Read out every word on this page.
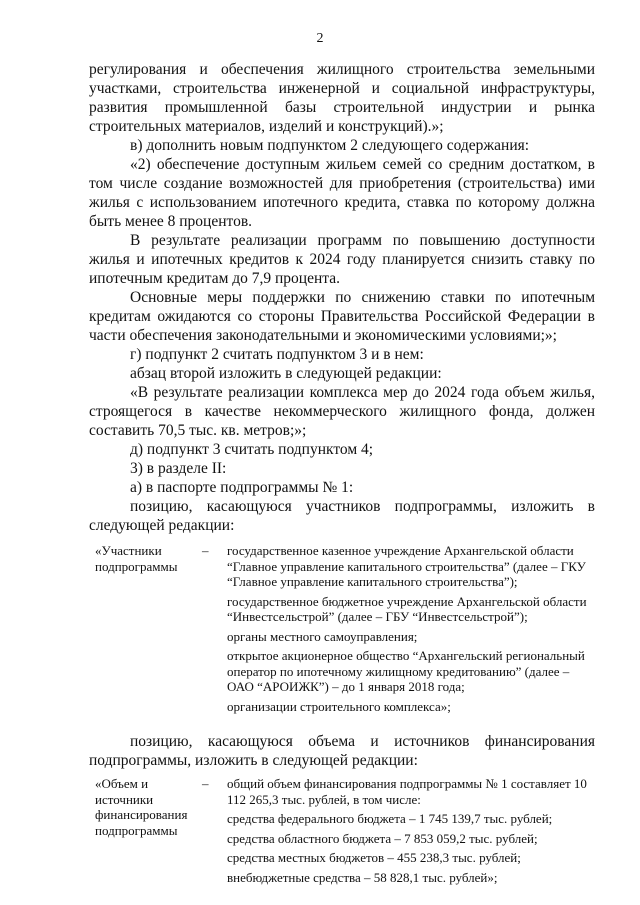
2

регулирования и обеспечения жилищного строительства земельными участками, строительства инженерной и социальной инфраструктуры, развития промышленной базы строительной индустрии и рынка строительных материалов, изделий и конструкций).»;

в) дополнить новым подпунктом 2 следующего содержания:

«2) обеспечение доступным жильем семей со средним достатком, в том числе создание возможностей для приобретения (строительства) ими жилья с использованием ипотечного кредита, ставка по которому должна быть менее 8 процентов.

В результате реализации программ по повышению доступности жилья и ипотечных кредитов к 2024 году планируется снизить ставку по ипотечным кредитам до 7,9 процента.

Основные меры поддержки по снижению ставки по ипотечным кредитам ожидаются со стороны Правительства Российской Федерации в части обеспечения законодательными и экономическими условиями;»;

г) подпункт 2 считать подпунктом 3 и в нем:

абзац второй изложить в следующей редакции:

«В результате реализации комплекса мер до 2024 года объем жилья, строящегося в качестве некоммерческого жилищного фонда, должен составить 70,5 тыс. кв. метров;»;

д) подпункт 3 считать подпунктом 4;

3) в разделе II:

а) в паспорте подпрограммы № 1:

позицию, касающуюся участников подпрограммы, изложить в следующей редакции:

«Участники подпрограммы
–	государственное казенное учреждение Архангельской области “Главное управление капитального строительства” (далее – ГКУ “Главное управление капитального строительства”);
государственное бюджетное учреждение Архангельской области “Инвестсельстрой” (далее – ГБУ “Инвестсельстрой”);
органы местного самоуправления;
открытое акционерное общество “Архангельский региональный оператор по ипотечному жилищному кредитованию” (далее – ОАО “АРОИЖК”) – до 1 января 2018 года;
организации строительного комплекса»;

позицию, касающуюся объема и источников финансирования подпрограммы, изложить в следующей редакции:

«Объем и источники финансирования подпрограммы
–	общий объем финансирования подпрограммы № 1 составляет 10 112 265,3 тыс. рублей, в том числе:
средства федерального бюджета – 1 745 139,7 тыс. рублей;
средства областного бюджета – 7 853 059,2 тыс. рублей;
средства местных бюджетов – 455 238,3 тыс. рублей;
внебюджетные средства – 58 828,1 тыс. рублей»;
